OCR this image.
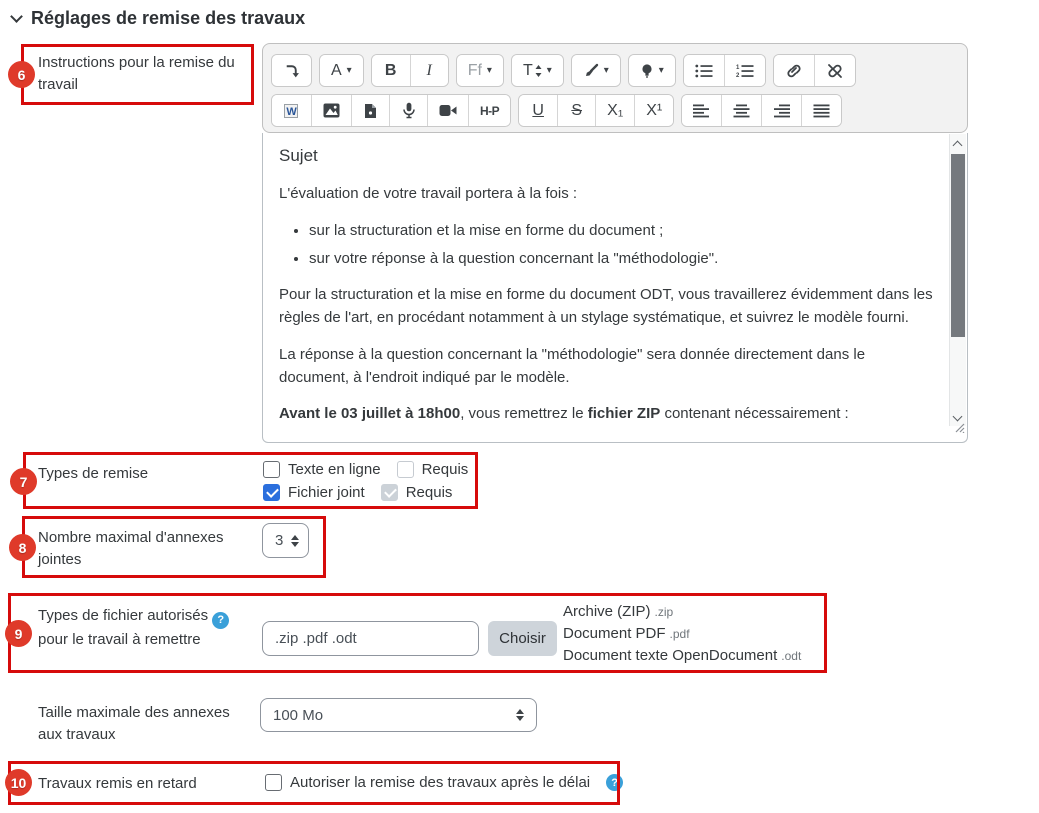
Réglages de remise des travaux
Instructions pour la remise du travail
A ▾	B	I	Ff ▾ T ▾	▾	▾	1
2
W	H-P	U S	X₁	X¹
Sujet

L'évaluation de votre travail portera à la fois :

• sur la structuration et la mise en forme du document ;
• sur votre réponse à la question concernant la "méthodologie".

Pour la structuration et la mise en forme du document ODT, vous travaillerez évidemment dans les règles de l'art, en procédant notamment à un stylage systématique, et suivrez le modèle fourni.

La réponse à la question concernant la "méthodologie" sera donnée directement dans le document, à l'endroit indiqué par le modèle.

Avant le 03 juillet à 18h00, vous remettrez le fichier ZIP contenant nécessairement :

Types de remise	Texte en ligne	Requis
Fichier joint	Requis
Nombre maximal d'annexes
jointes
3
Types de fichier autorisés ?
pour le travail à remettre
.zip .pdf .odt	Choisir
Archive (ZIP) .zip
Document PDF .pdf
Document texte OpenDocument .odt
Taille maximale des annexes
aux travaux
100 Mo
Travaux remis en retard	Autoriser la remise des travaux après le délai	?
6
7
8
9
10
